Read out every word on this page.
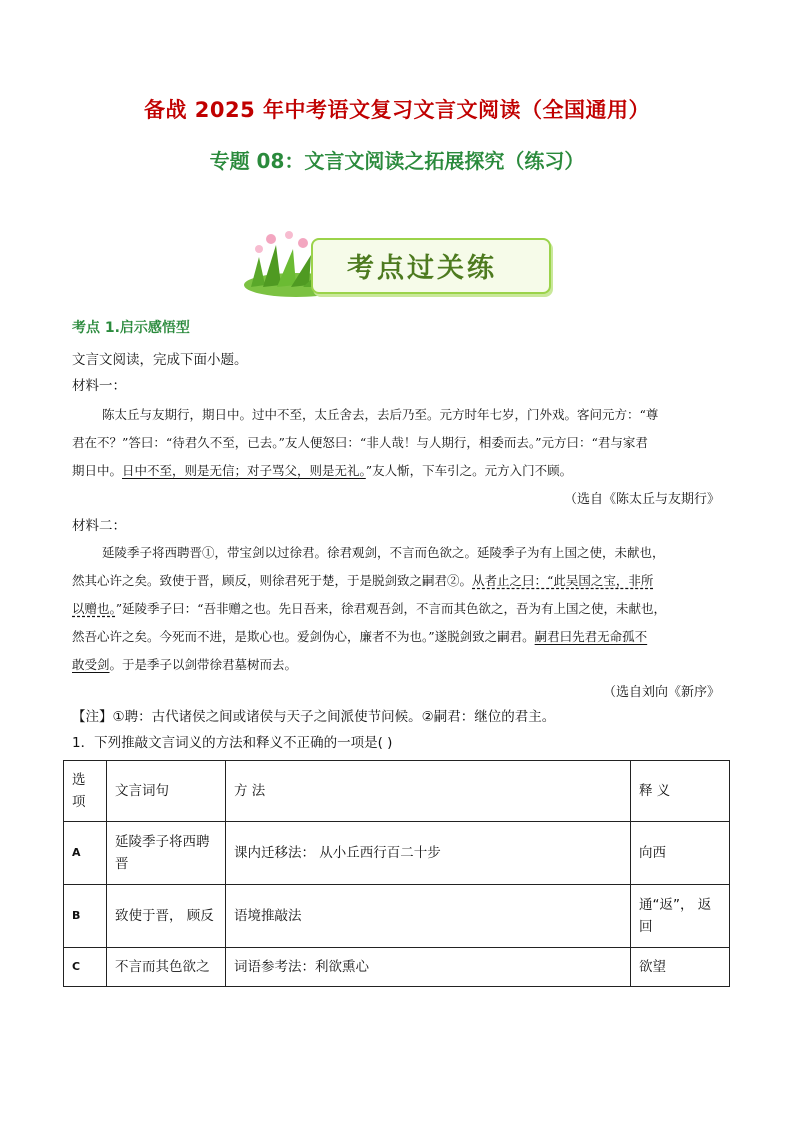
备战 2025 年中考语文复习文言文阅读（全国通用）
专题 08：文言文阅读之拓展探究（练习）
考点过关练
考点 1.启示感悟型
文言文阅读，完成下面小题。
材料一：
陈太丘与友期行，期日中。过中不至，太丘舍去，去后乃至。元方时年七岁，门外戏。客问元方：“尊
君在不？”答曰：“待君久不至，已去。”友人便怒曰：“非人哉！与人期行，相委而去。”元方曰：“君与家君
期日中。日中不至，则是无信；对子骂父，则是无礼。”友人惭，下车引之。元方入门不顾。
（选自《陈太丘与友期行》
材料二：
延陵季子将西聘晋①，带宝剑以过徐君。徐君观剑，不言而色欲之。延陵季子为有上国之使，未献也，
然其心许之矣。致使于晋，顾反，则徐君死于楚，于是脱剑致之嗣君②。从者止之曰：“此吴国之宝，非所
以赠也。”延陵季子曰：“吾非赠之也。先日吾来，徐君观吾剑，不言而其色欲之，吾为有上国之使，未献也，
然吾心许之矣。今死而不进，是欺心也。爱剑伪心，廉者不为也。”遂脱剑致之嗣君。嗣君曰先君无命孤不
敢受剑。于是季子以剑带徐君墓树而去。
（选自刘向《新序》
【注】①聘：古代诸侯之间或诸侯与天子之间派使节问候。②嗣君：继位的君主。
1．下列推敲文言词义的方法和释义不正确的一项是( )
选项	文言词句	方 法	释 义
A	延陵季子将西聘晋	课内迁移法： 从小丘西行百二十步	向西
B	致使于晋， 顾反	语境推敲法	通“返”， 返回
C	不言而其色欲之	词语参考法：利欲熏心	欲望
